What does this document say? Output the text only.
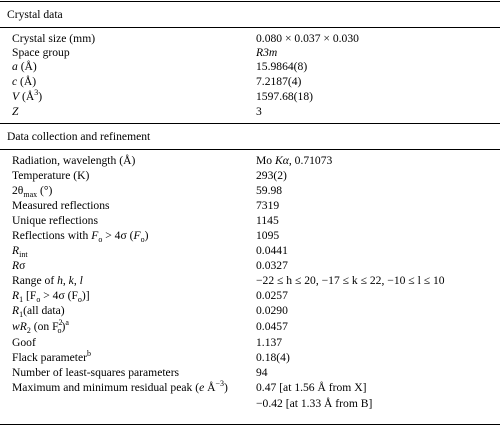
Crystal data
Crystal size (mm)	0.080 × 0.037 × 0.030
Space group	R3m
a (Å)	15.9864(8)
c (Å)	7.2187(4)
V $(Å^3)$	1597.68(18)
Z	3
Data collection and refinement
Radiation, wavelength (Å)	Mo Kα, 0.71073
Temperature (K)	293(2)
$2\theta_{max}$ (°)	59.98
Measured reflections	7319
Unique reflections	1145
Reflections with $F_o > 4\sigma$ $(F_o)$	1095
$R_{int}$	0.0441
Rσ	0.0327
Range of h, k, l	−22 ≤ h ≤ 20, −17 ≤ k ≤ 22, −10 ≤ l ≤ 10
$R_1$ [$F_o > 4\sigma$ $(F_o)$]	0.0257
$R_1(all$ data)	0.0290
$wR_2$ (on $F^2_o)^a$	0.0457
Goof	1.137
Flack parameter$^b$	0.18(4)
Number of least-squares parameters	94
Maximum and minimum residual peak (e $Å^{-3}$) 0.47 [at 1.56 Å from X]
−0.42 [at 1.33 Å from B]
